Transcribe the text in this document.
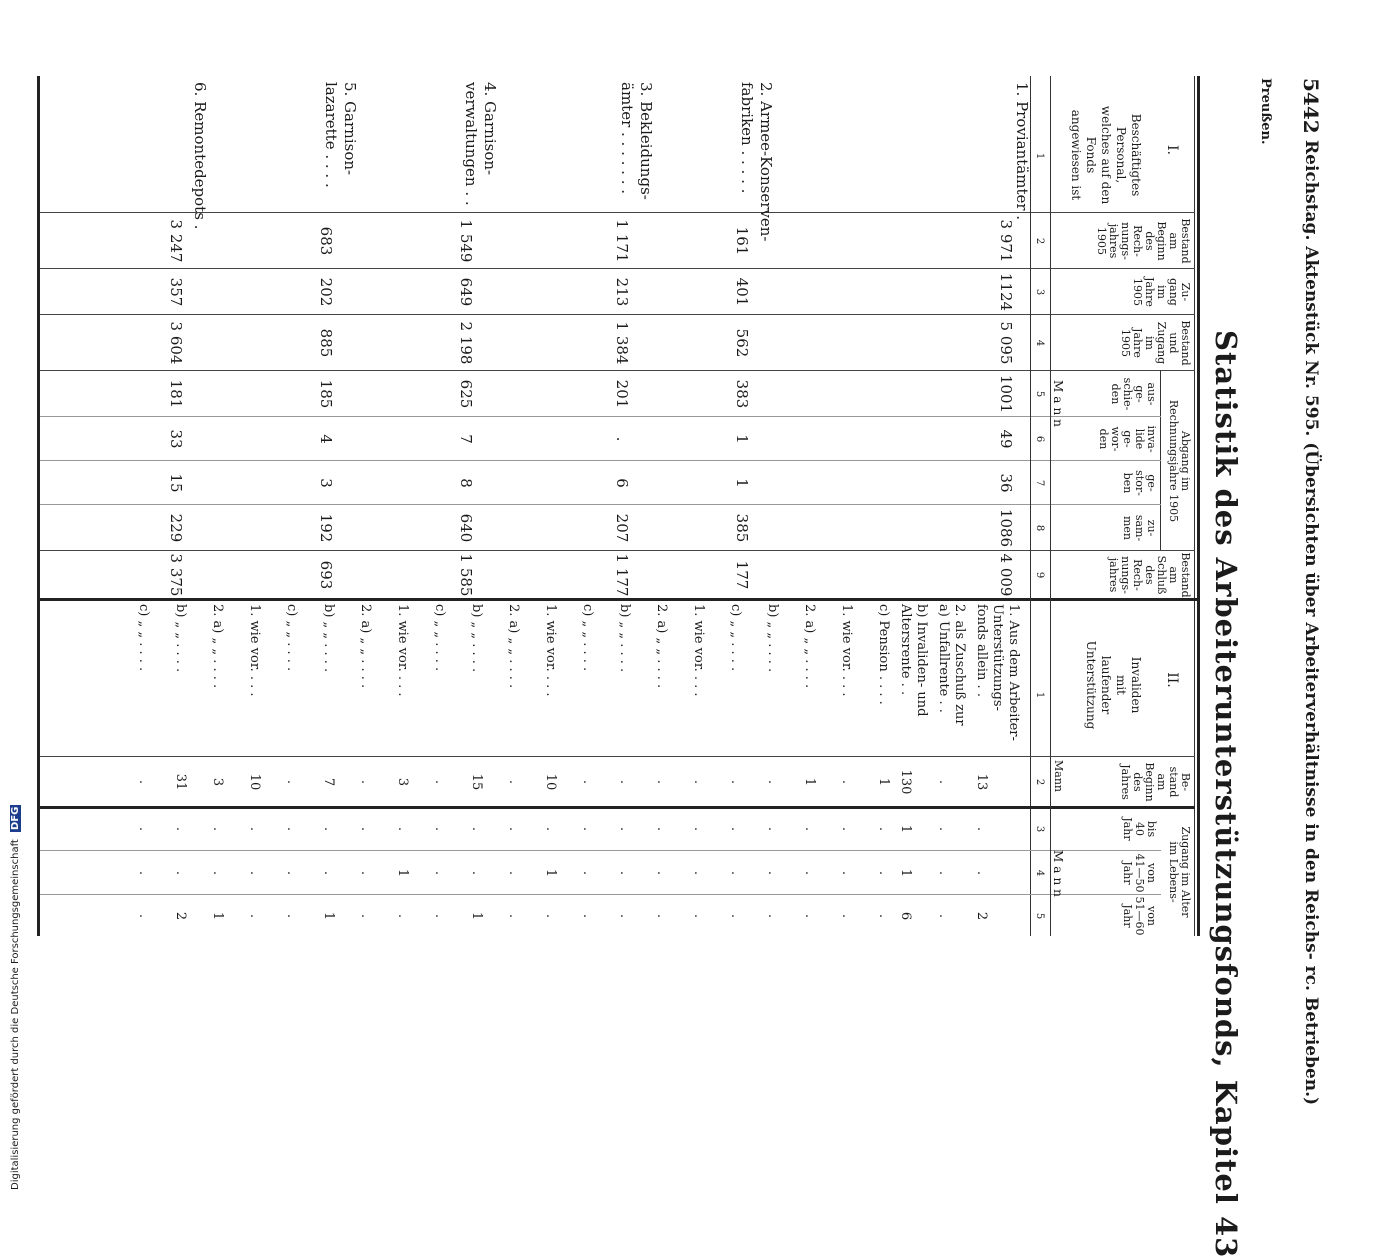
5442
Reichstag. Aktenstück Nr. 595. (Übersichten über Arbeiterverhältnisse in den Reichs- rc. Betrieben.)
Preußen.
Statistik des Arbeiterunterstützungsfonds, Kapitel 43
I.
Beschäftigtes
Personal,
welches auf den Fonds
angewiesen ist
Bestand
am
Beginn
des
Rech-
nungs-
jahres
1905
Zu-
gang
im
Jahre
1905
Bestand
und
Zugang
im
Jahre
1905
Abgang im
Rechnungsjahre 1905
aus-
ge-
schie-
den
inva-
lide
ge-
wor-
den
ge-
stor-
ben
zu-
sam-
men
Bestand
am
Schluß
des
Rech-
nungs-
jahres
Mann
1
2
3
4
5
6
7
8
9
1. Proviantämter .
3 971
1124
5 095
1001
49
36
1086
4 009
2. Armee-Konserven-
fabriken . . . . .
161
401
562
383
1
1
385
177
3. Bekleidungs-
ämter . . . . . . .
1 171
213
1 384
201
.
6
207
1 177
4. Garnison-
verwaltungen . .
1 549
649
2 198
625
7
8
640
1 585
5. Garnison-
lazarette . . . .
683
202
885
185
4
3
192
693
6. Remontedepots .
3 247
357
3 604
181
33
15
229
3 375
II.
Invaliden
mit
laufender
Unterstützung
Be-
stand
am
Beginn
des
Jahres
Zugang im Alter
im Lebens-
bis
40
Jahr
von
41—50
Jahr
von
51—60
Jahr
Mann
Mann
1
2
3
4
5
1. Aus dem Arbeiter-
Unterstützungs-
fonds allein . .
13
.
.
2
2. als Zuschuß zur
a) Unfallrente . .
.
.
.
.
b) Invaliden- und
Altersrente . .
130
1
1
6
c) Pension . . . .
1
.
.
.
1. wie vor. . . .
.
.
.
.
2. a) „ „ . . . .
1
.
.
.
b) „ „ . . . .
.
.
.
.
c) „ „ . . . .
.
.
.
.
1. wie vor. . . .
.
.
.
.
2. a) „ „ . . . .
.
.
.
.
b) „ „ . . . .
.
.
.
.
c) „ „ . . . .
.
.
.
.
1. wie vor. . . .
10
.
1
.
2. a) „ „ . . . .
.
.
.
.
b) „ „ . . . .
15
.
.
1
c) „ „ . . . .
.
.
.
.
1. wie vor. . . .
3
.
1
.
2. a) „ „ . . . .
.
.
.
.
b) „ „ . . . .
7
.
.
1
c) „ „ . . . .
.
.
.
.
1. wie vor. . . .
10
.
.
.
2. a) „ „ . . . .
3
.
.
1
b) „ „ . . . .
31
.
.
2
c) „ „ . . . .
.
.
.
.
Digitalisierung gefördert durch die Deutsche Forschungsgemeinschaft DFG
